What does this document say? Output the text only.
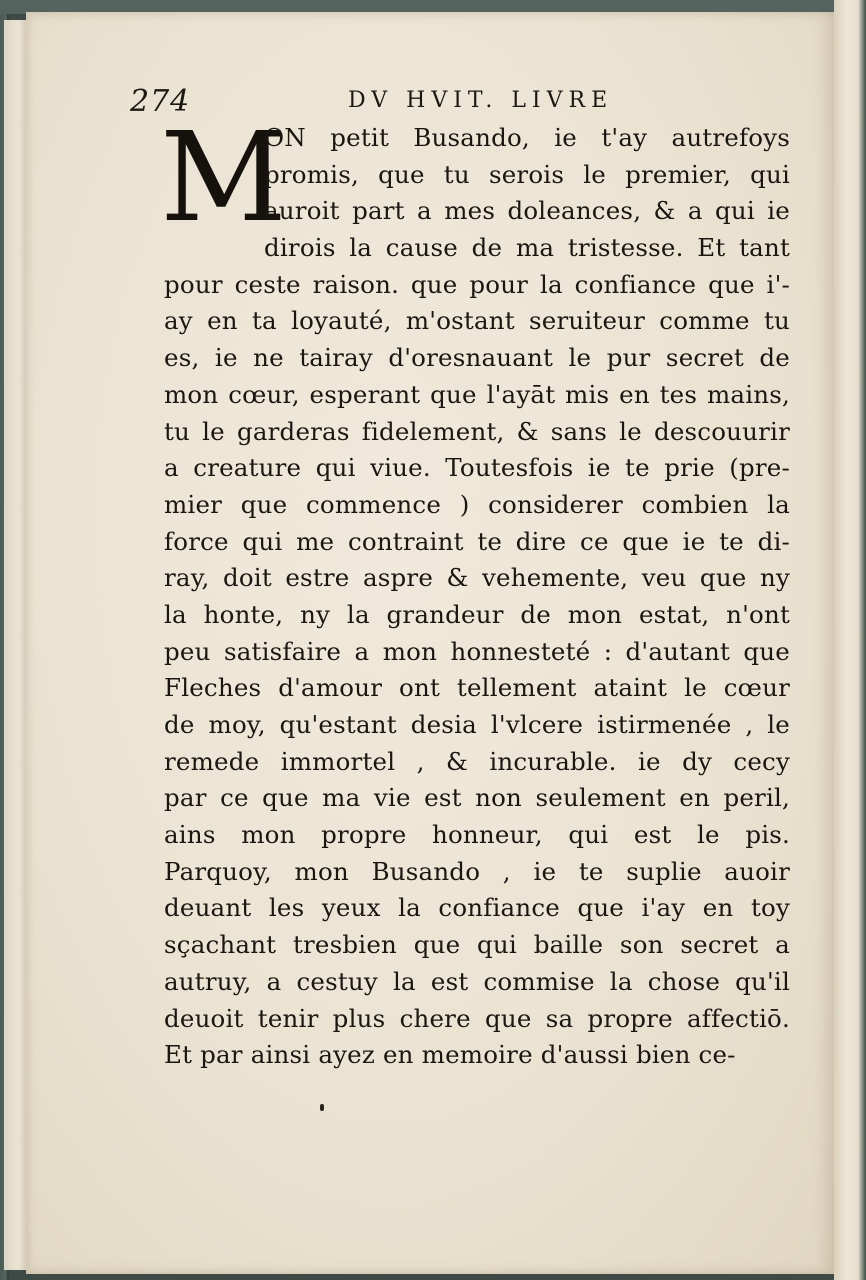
274	DV HVIT. LIVRE
M
ON petit Busando, ie t'ay autrefoys
promis, que tu serois le premier, qui
auroit part a mes doleances, & a qui ie
dirois la cause de ma tristesse. Et tant
pour ceste raison. que pour la confiance que i'-
ay en ta loyauté, m'ostant seruiteur comme tu
es, ie ne tairay d'oresnauant le pur secret de
mon cœur, esperant que l'ayāt mis en tes mains,
tu le garderas fidelement, & sans le descouurir
a creature qui viue. Toutesfois ie te prie (pre-
mier que commence ) considerer combien la
force qui me contraint te dire ce que ie te di-
ray, doit estre aspre & vehemente, veu que ny
la honte, ny la grandeur de mon estat, n'ont
peu satisfaire a mon honnesteté : d'autant que
Fleches d'amour ont tellement ataint le cœur
de moy, qu'estant desia l'vlcere istirmenée , le
remede immortel , & incurable. ie dy cecy
par ce que ma vie est non seulement en peril,
ains mon propre honneur, qui est le pis.
Parquoy, mon Busando , ie te suplie auoir
deuant les yeux la confiance que i'ay en toy
sçachant tresbien que qui baille son secret a
autruy, a cestuy la est commise la chose qu'il
deuoit tenir plus chere que sa propre affectiō.
Et par ainsi ayez en memoire d'aussi bien ce-
